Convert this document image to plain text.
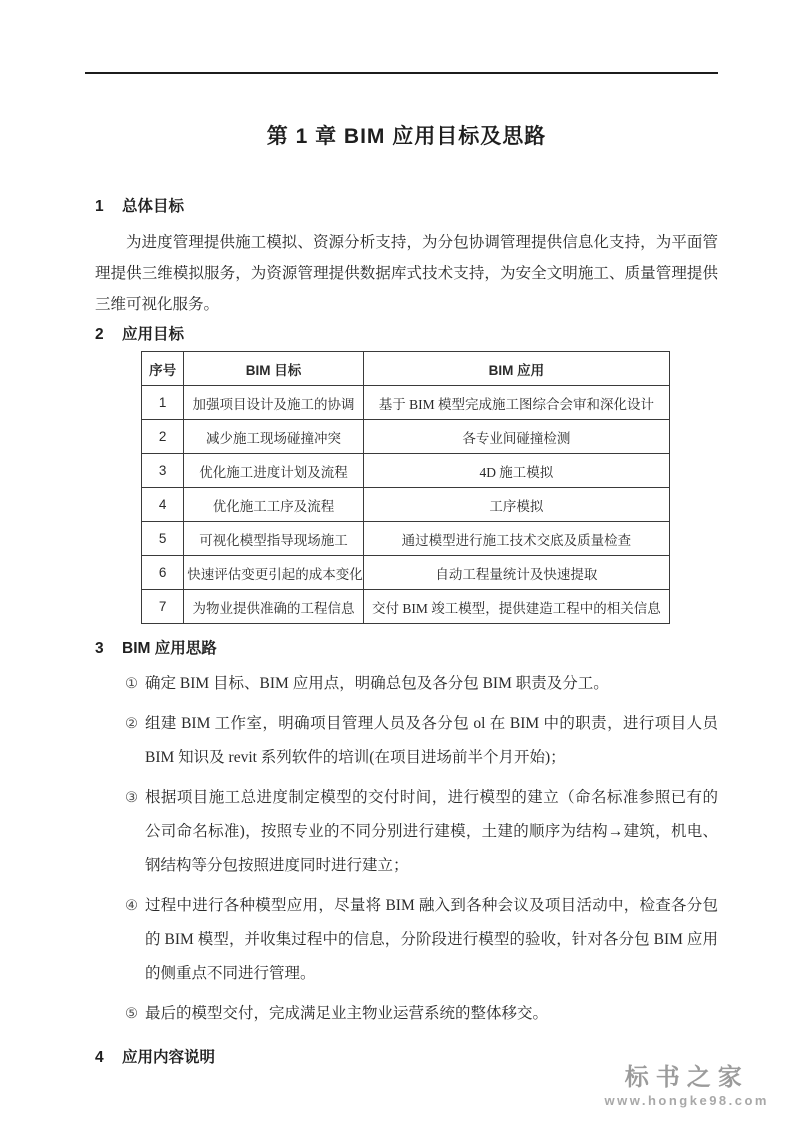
第 1 章 BIM 应用目标及思路
1	总体目标

为进度管理提供施工模拟、资源分析支持，为分包协调管理提供信息化支持，为平面管理提供三维模拟服务，为资源管理提供数据库式技术支持，为安全文明施工、质量管理提供三维可视化服务。

2	应用目标
序号	BIM 目标	BIM 应用
1	加强项目设计及施工的协调	基于 BIM 模型完成施工图综合会审和深化设计
2	减少施工现场碰撞冲突	各专业间碰撞检测
3	优化施工进度计划及流程	4D 施工模拟
4	优化施工工序及流程	工序模拟
5	可视化模型指导现场施工	通过模型进行施工技术交底及质量检查
6	快速评估变更引起的成本变化	自动工程量统计及快速提取
7	为物业提供准确的工程信息	交付 BIM 竣工模型，提供建造工程中的相关信息
3	BIM 应用思路
① 确定 BIM 目标、BIM 应用点，明确总包及各分包 BIM 职责及分工。
② 组建 BIM 工作室，明确项目管理人员及各分包 ol 在 BIM 中的职责，进行项目人员 BIM 知识及 revit 系列软件的培训(在项目进场前半个月开始)；
③ 根据项目施工总进度制定模型的交付时间，进行模型的建立（命名标准参照已有的公司命名标准)，按照专业的不同分别进行建模，土建的顺序为结构→建筑，机电、钢结构等分包按照进度同时进行建立；
④ 过程中进行各种模型应用，尽量将 BIM 融入到各种会议及项目活动中，检查各分包的 BIM 模型，并收集过程中的信息，分阶段进行模型的验收，针对各分包 BIM 应用的侧重点不同进行管理。
⑤ 最后的模型交付，完成满足业主物业运营系统的整体移交。
4	应用内容说明
标书之家
www.hongke98.com
